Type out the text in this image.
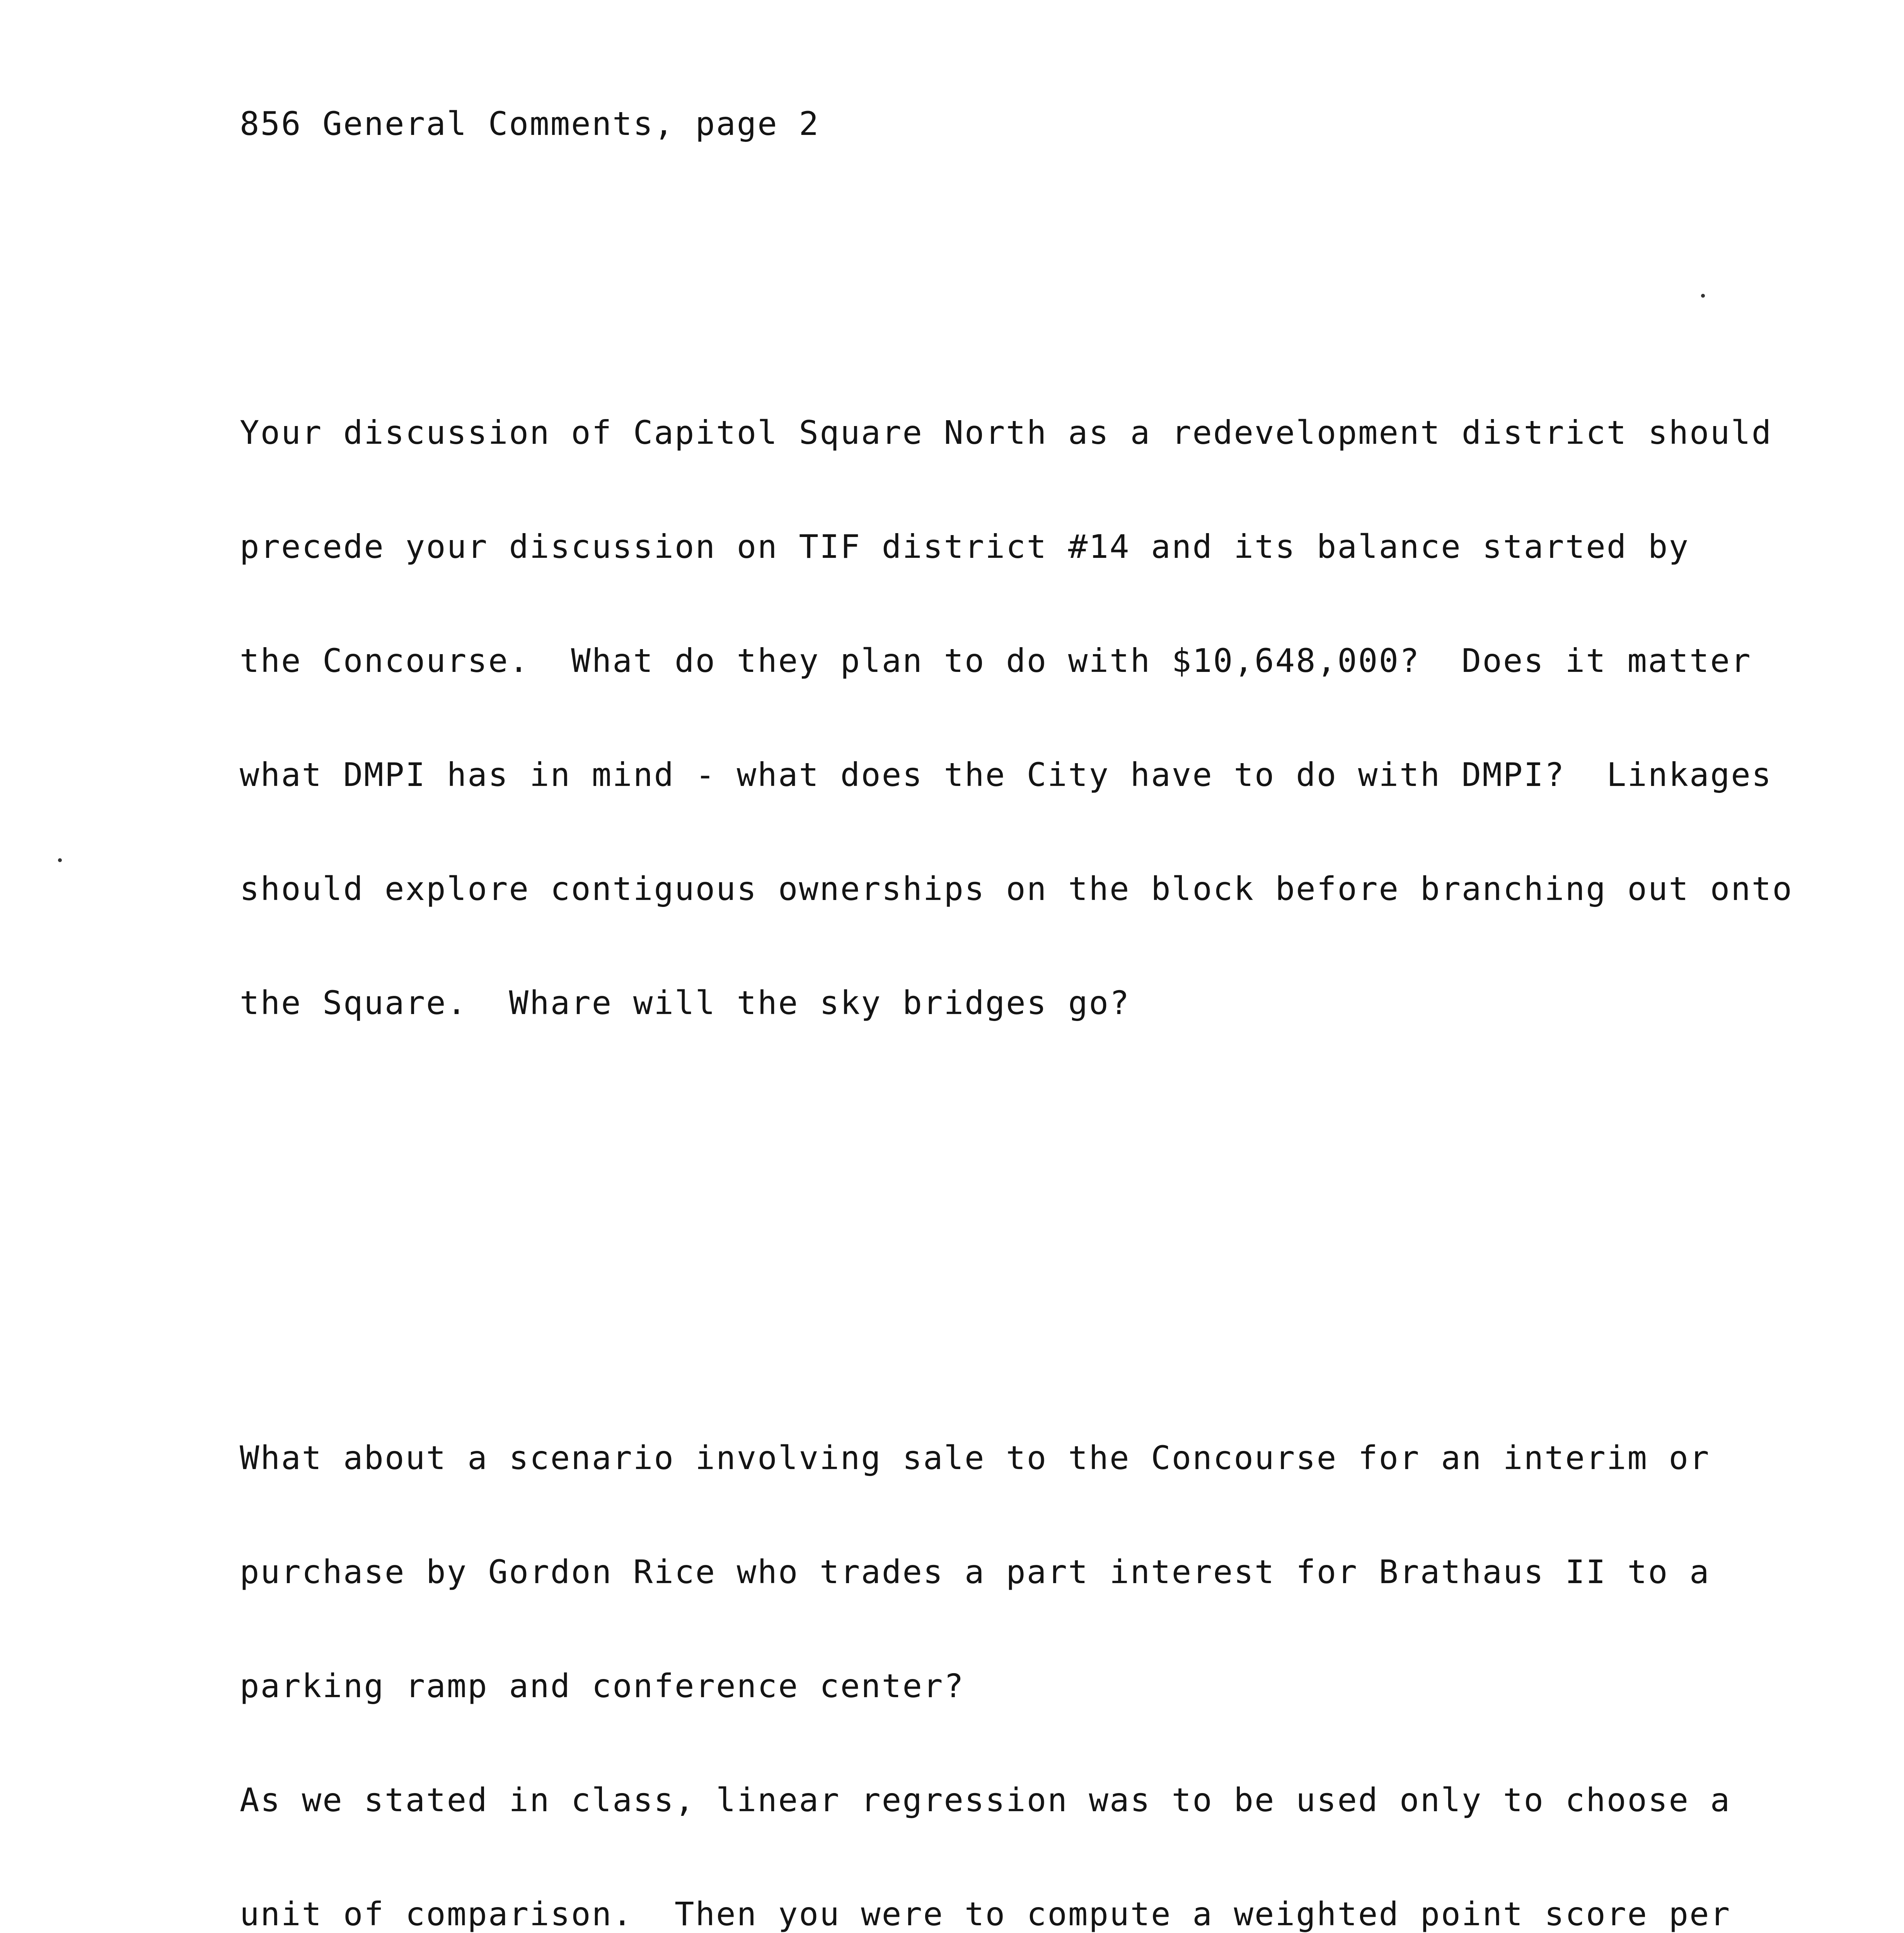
856 General Comments, page 2

Your discussion of Capitol Square North as a redevelopment district should

precede your discussion on TIF district #14 and its balance started by

the Concourse.  What do they plan to do with $10,648,000?  Does it matter

what DMPI has in mind - what does the City have to do with DMPI?  Linkages

should explore contiguous ownerships on the block before branching out onto

the Square.  Whare will the sky bridges go?

What about a scenario involving sale to the Concourse for an interim or

purchase by Gordon Rice who trades a part interest for Brathaus II to a

parking ramp and conference center?

As we stated in class, linear regression was to be used only to choose a

unit of comparison.  Then you were to compute a weighted point score per
